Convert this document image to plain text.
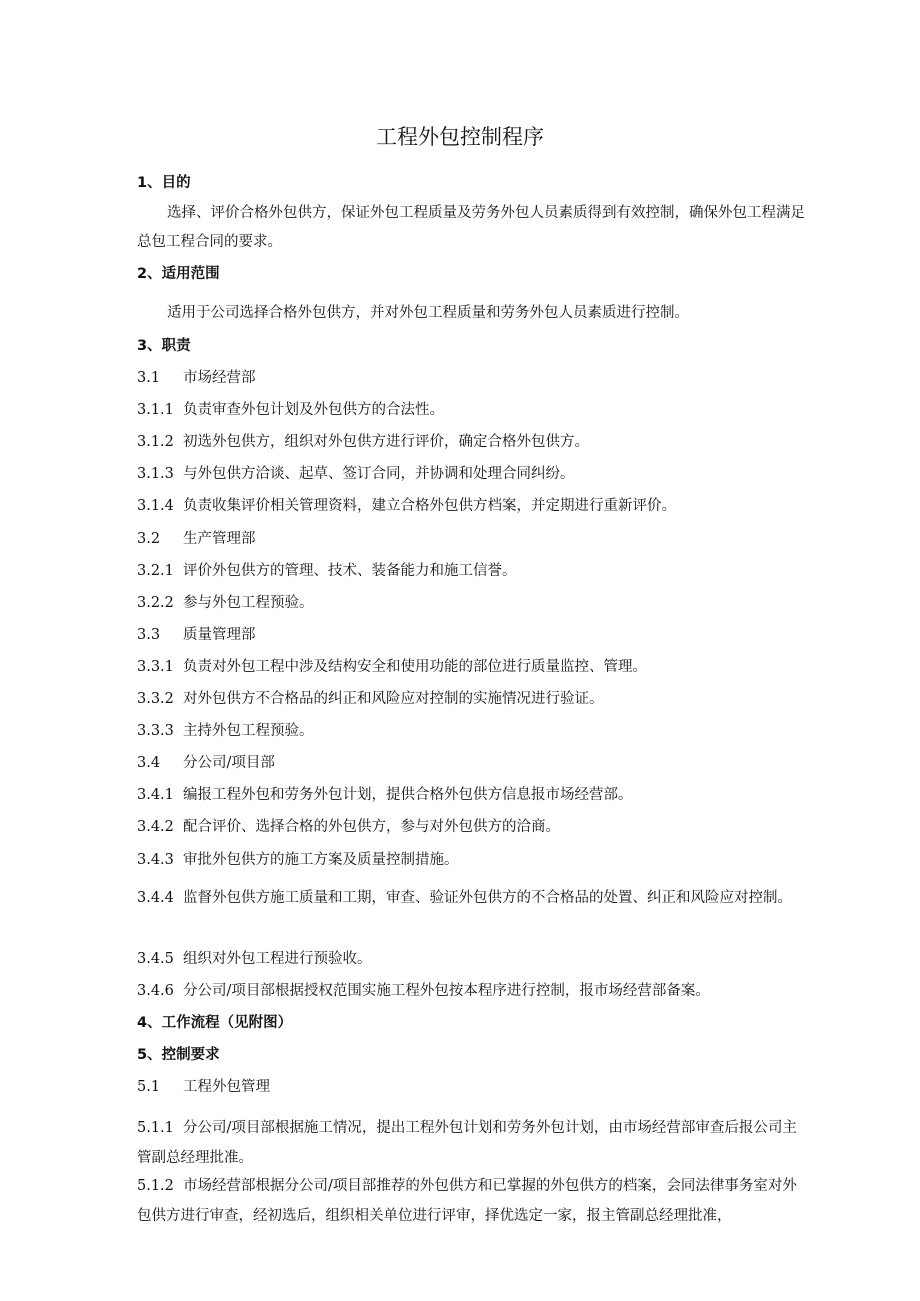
工程外包控制程序
1、目的
选择、评价合格外包供方，保证外包工程质量及劳务外包人员素质得到有效控制，确保外包工程满足总包工程合同的要求。
2、适用范围
适用于公司选择合格外包供方，并对外包工程质量和劳务外包人员素质进行控制。
3、职责
3.1 市场经营部
3.1.1 负责审查外包计划及外包供方的合法性。
3.1.2 初选外包供方，组织对外包供方进行评价，确定合格外包供方。
3.1.3 与外包供方洽谈、起草、签订合同，并协调和处理合同纠纷。
3.1.4 负责收集评价相关管理资料，建立合格外包供方档案，并定期进行重新评价。
3.2 生产管理部
3.2.1 评价外包供方的管理、技术、装备能力和施工信誉。
3.2.2 参与外包工程预验。
3.3 质量管理部
3.3.1 负责对外包工程中涉及结构安全和使用功能的部位进行质量监控、管理。
3.3.2 对外包供方不合格品的纠正和风险应对控制的实施情况进行验证。
3.3.3 主持外包工程预验。
3.4 分公司/项目部
3.4.1 编报工程外包和劳务外包计划，提供合格外包供方信息报市场经营部。
3.4.2 配合评价、选择合格的外包供方，参与对外包供方的洽商。
3.4.3 审批外包供方的施工方案及质量控制措施。
3.4.4 监督外包供方施工质量和工期，审查、验证外包供方的不合格品的处置、纠正和风险应对控制。
3.4.5 组织对外包工程进行预验收。
3.4.6 分公司/项目部根据授权范围实施工程外包按本程序进行控制，报市场经营部备案。
4、工作流程（见附图）
5、控制要求
5.1 工程外包管理
5.1.1 分公司/项目部根据施工情况，提出工程外包计划和劳务外包计划，由市场经营部审查后报公司主管副总经理批准。
5.1.2 市场经营部根据分公司/项目部推荐的外包供方和已掌握的外包供方的档案，会同法律事务室对外包供方进行审查，经初选后，组织相关单位进行评审，择优选定一家，报主管副总经理批准，
